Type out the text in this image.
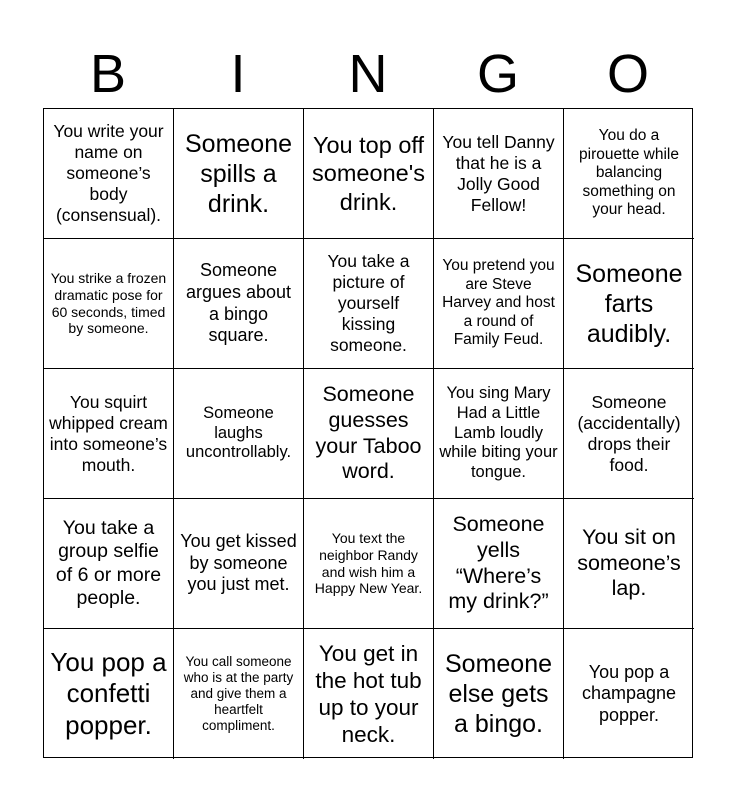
B	I	N	G	O
You write your name on someone’s body (consensual).
Someone spills a drink.
You top off someone's drink.
You tell Danny that he is a Jolly Good Fellow!
You do a pirouette while balancing something on your head.
You strike a frozen dramatic pose for 60 seconds, timed by someone.
Someone argues about a bingo square.
You take a picture of yourself kissing someone.
You pretend you are Steve Harvey and host a round of Family Feud.
Someone farts audibly.
You squirt whipped cream into someone’s mouth.
Someone laughs uncontrollably.
Someone guesses your Taboo word.
You sing Mary Had a Little Lamb loudly while biting your tongue.
Someone (accidentally) drops their food.
You take a group selfie of 6 or more people.
You get kissed by someone you just met.
You text the neighbor Randy and wish him a Happy New Year.
Someone yells “Where’s my drink?”
You sit on someone’s lap.
You pop a confetti popper.
You call someone who is at the party and give them a heartfelt compliment.
You get in the hot tub up to your neck.
Someone else gets a bingo.
You pop a champagne popper.
